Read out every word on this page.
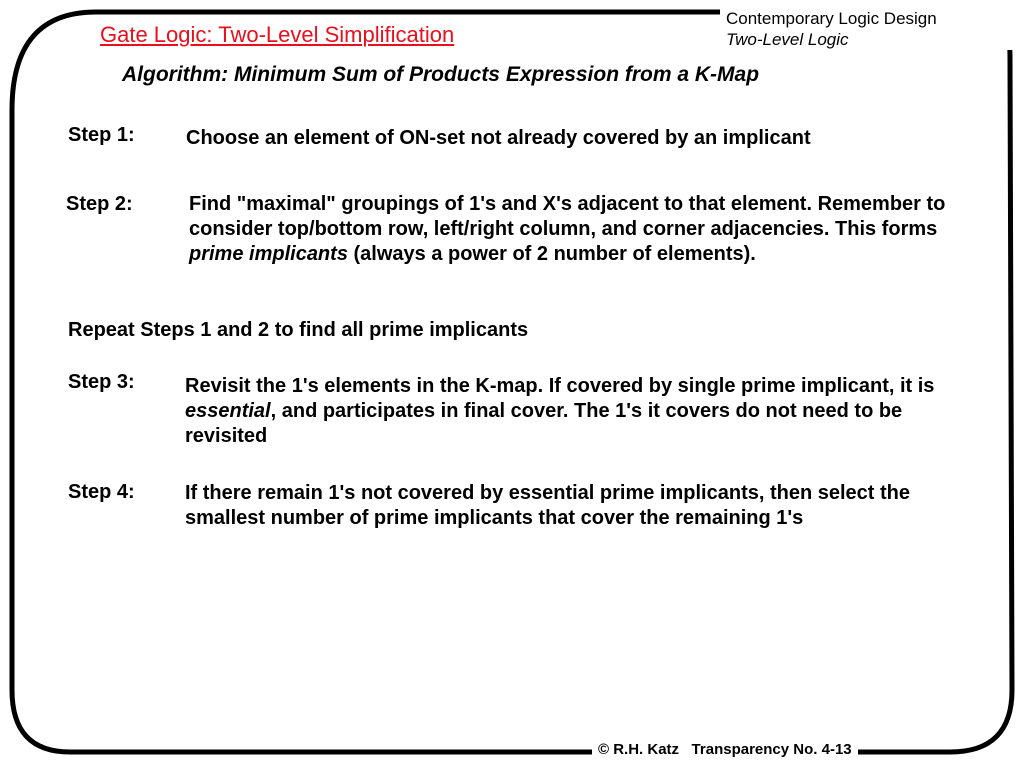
Gate Logic: Two-Level Simplification
Contemporary Logic Design
Two-Level Logic
Algorithm: Minimum Sum of Products Expression from a K-Map
Step 1:	Choose an element of ON-set not already covered by an implicant
Step 2:	Find "maximal" groupings of 1's and X's adjacent to that element. Remember to consider top/bottom row, left/right column, and corner adjacencies. This forms prime implicants (always a power of 2 number of elements).
Repeat Steps 1 and 2 to find all prime implicants
Step 3:	Revisit the 1's elements in the K-map. If covered by single prime implicant, it is essential, and participates in final cover. The 1's it covers do not need to be revisited
Step 4:	If there remain 1's not covered by essential prime implicants, then select the smallest number of prime implicants that cover the remaining 1's
© R.H. Katz   Transparency No. 4-13
